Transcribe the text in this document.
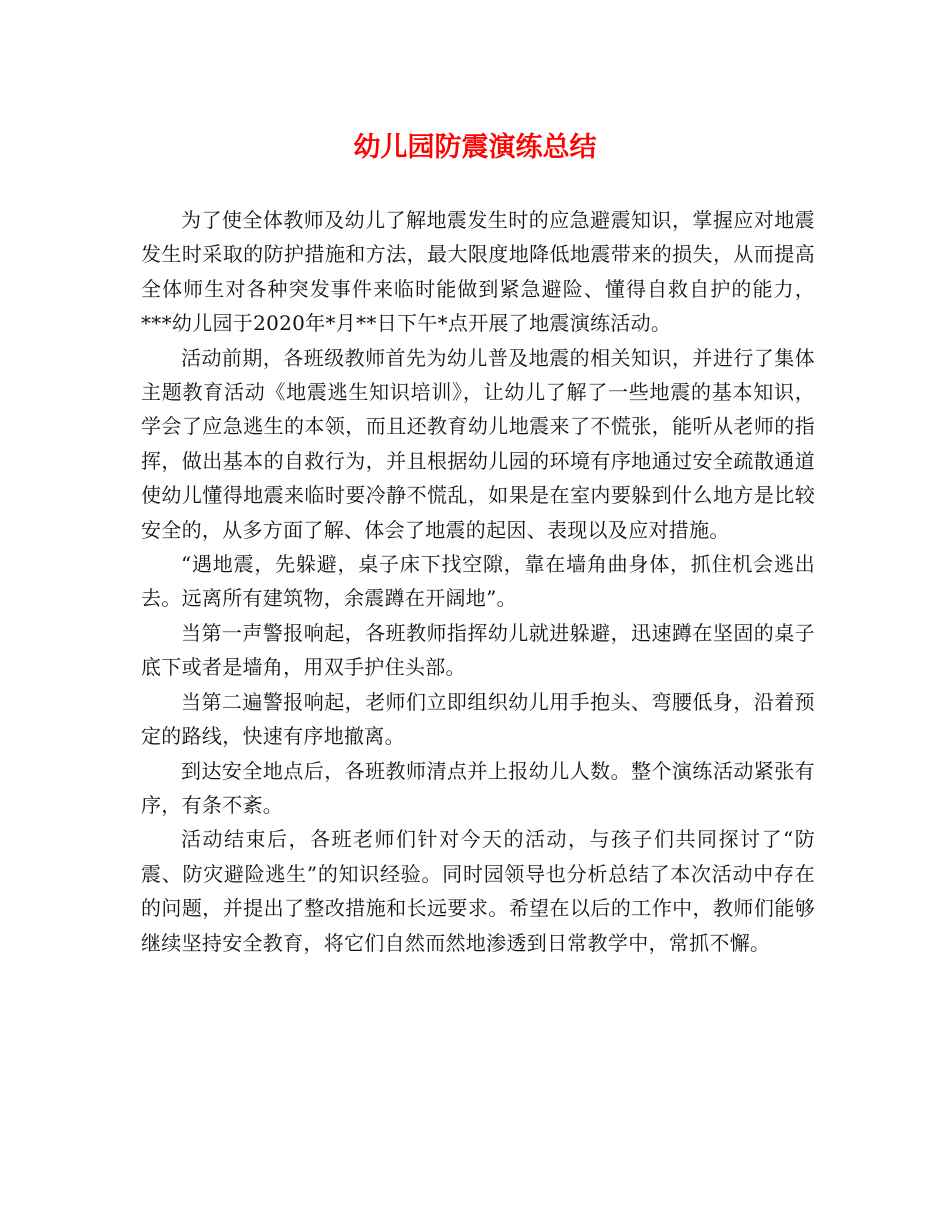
幼儿园防震演练总结

为了使全体教师及幼儿了解地震发生时的应急避震知识，掌握应对地震发生时采取的防护措施和方法，最大限度地降低地震带来的损失，从而提高全体师生对各种突发事件来临时能做到紧急避险、懂得自救自护的能力，***幼儿园于2020年*月**日下午*点开展了地震演练活动。

活动前期，各班级教师首先为幼儿普及地震的相关知识，并进行了集体主题教育活动《地震逃生知识培训》，让幼儿了解了一些地震的基本知识，学会了应急逃生的本领，而且还教育幼儿地震来了不慌张，能听从老师的指挥，做出基本的自救行为，并且根据幼儿园的环境有序地通过安全疏散通道使幼儿懂得地震来临时要冷静不慌乱，如果是在室内要躲到什么地方是比较安全的，从多方面了解、体会了地震的起因、表现以及应对措施。

“遇地震，先躲避，桌子床下找空隙，靠在墙角曲身体，抓住机会逃出去。远离所有建筑物，余震蹲在开阔地”。

当第一声警报响起，各班教师指挥幼儿就进躲避，迅速蹲在坚固的桌子底下或者是墙角，用双手护住头部。

当第二遍警报响起，老师们立即组织幼儿用手抱头、弯腰低身，沿着预定的路线，快速有序地撤离。

到达安全地点后，各班教师清点并上报幼儿人数。整个演练活动紧张有序，有条不紊。

活动结束后，各班老师们针对今天的活动，与孩子们共同探讨了“防震、防灾避险逃生”的知识经验。同时园领导也分析总结了本次活动中存在的问题，并提出了整改措施和长远要求。希望在以后的工作中，教师们能够继续坚持安全教育，将它们自然而然地渗透到日常教学中，常抓不懈。
